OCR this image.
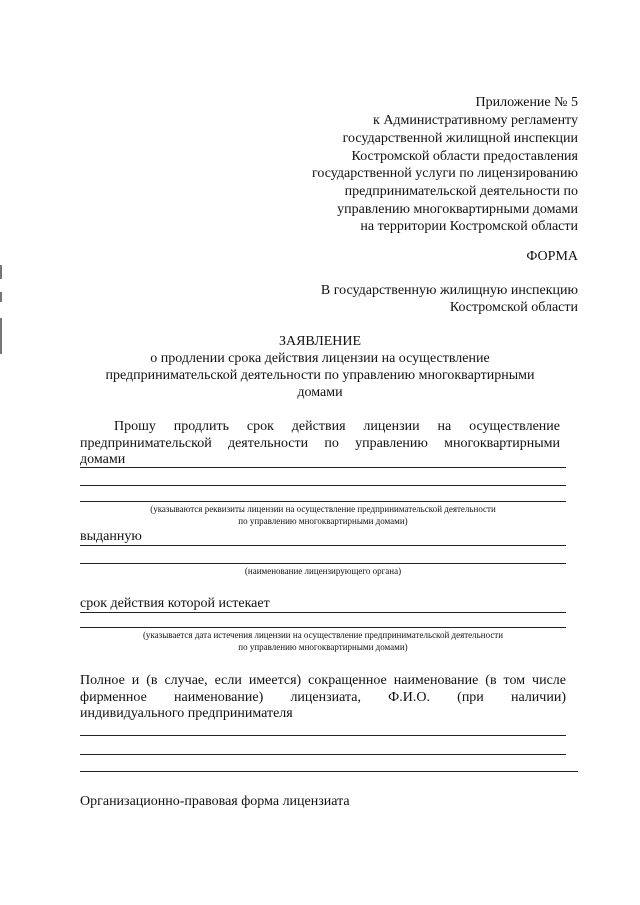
Приложение № 5
к Административному регламенту
государственной жилищной инспекции
Костромской области предоставления
государственной услуги по лицензированию
предпринимательской деятельности по
управлению многоквартирными домами
на территории Костромской области
ФОРМА
В государственную жилищную инспекцию
Костромской области
ЗАЯВЛЕНИЕ
о продлении срока действия лицензии на осуществление
предпринимательской деятельности по управлению многоквартирными
домами
Прошу продлить срок действия лицензии на осуществление
предпринимательской деятельности по управлению многоквартирными
домами
(указываются реквизиты лицензии на осуществление предпринимательской деятельности
по управлению многоквартирными домами)
выданную
(наименование лицензирующего органа)
срок действия которой истекает
(указывается дата истечения лицензии на осуществление предпринимательской деятельности
по управлению многоквартирными домами)
Полное и (в случае, если имеется) сокращенное наименование (в том числе
фирменное наименование) лицензиата, Ф.И.О. (при наличии)
индивидуального предпринимателя
Организационно-правовая форма лицензиата
